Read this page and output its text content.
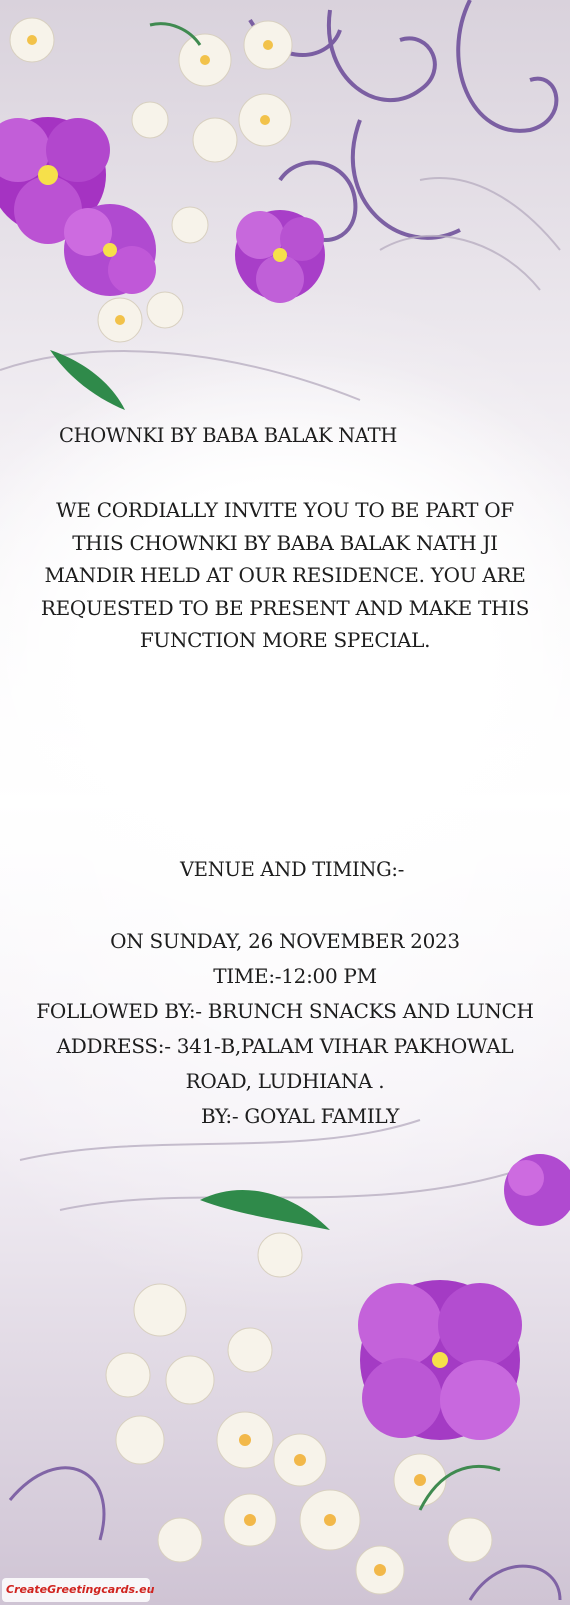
CHOWNKI BY BABA BALAK NATH
WE CORDIALLY INVITE YOU TO BE PART OF
THIS CHOWNKI BY BABA BALAK NATH JI
MANDIR HELD AT OUR RESIDENCE. YOU ARE
REQUESTED TO BE PRESENT AND MAKE THIS
FUNCTION MORE SPECIAL.
VENUE AND TIMING:-
ON SUNDAY, 26 NOVEMBER 2023
TIME:-12:00 PM
FOLLOWED BY:- BRUNCH SNACKS AND LUNCH
ADDRESS:- 341-B,PALAM VIHAR PAKHOWAL
ROAD, LUDHIANA .
BY:- GOYAL FAMILY
CreateGreetingcards.eu
